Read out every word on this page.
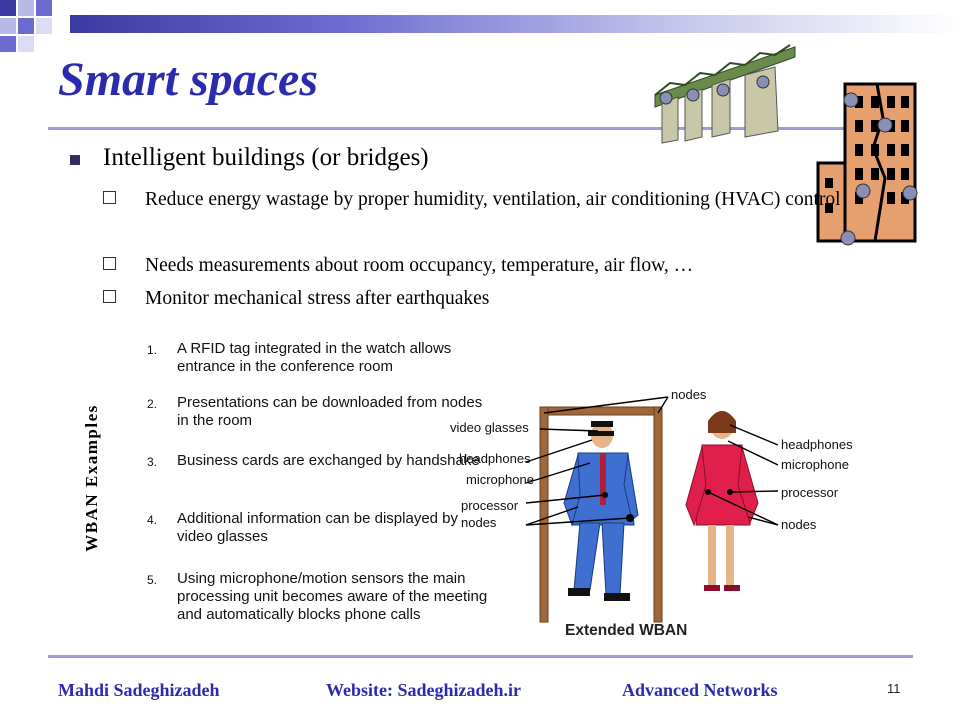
Smart spaces
Intelligent buildings (or bridges)
Reduce energy wastage by proper humidity, ventilation, air conditioning (HVAC) control
Needs measurements about room occupancy, temperature, air flow, …
Monitor mechanical stress after earthquakes
WBAN Examples
1. A RFID tag integrated in the watch allows entrance in the conference room
2. Presentations can be downloaded from nodes in the room
3. Business cards are exchanged by handshake
4. Additional information can be displayed by video glasses
5. Using microphone/motion sensors the main processing unit becomes aware of the meeting and automatically blocks phone calls
nodes
video glasses
headphones
microphone
processor
nodes
headphones
microphone
processor
nodes
Extended WBAN
Mahdi Sadeghizadeh	Website: Sadeghizadeh.ir	Advanced Networks	11
